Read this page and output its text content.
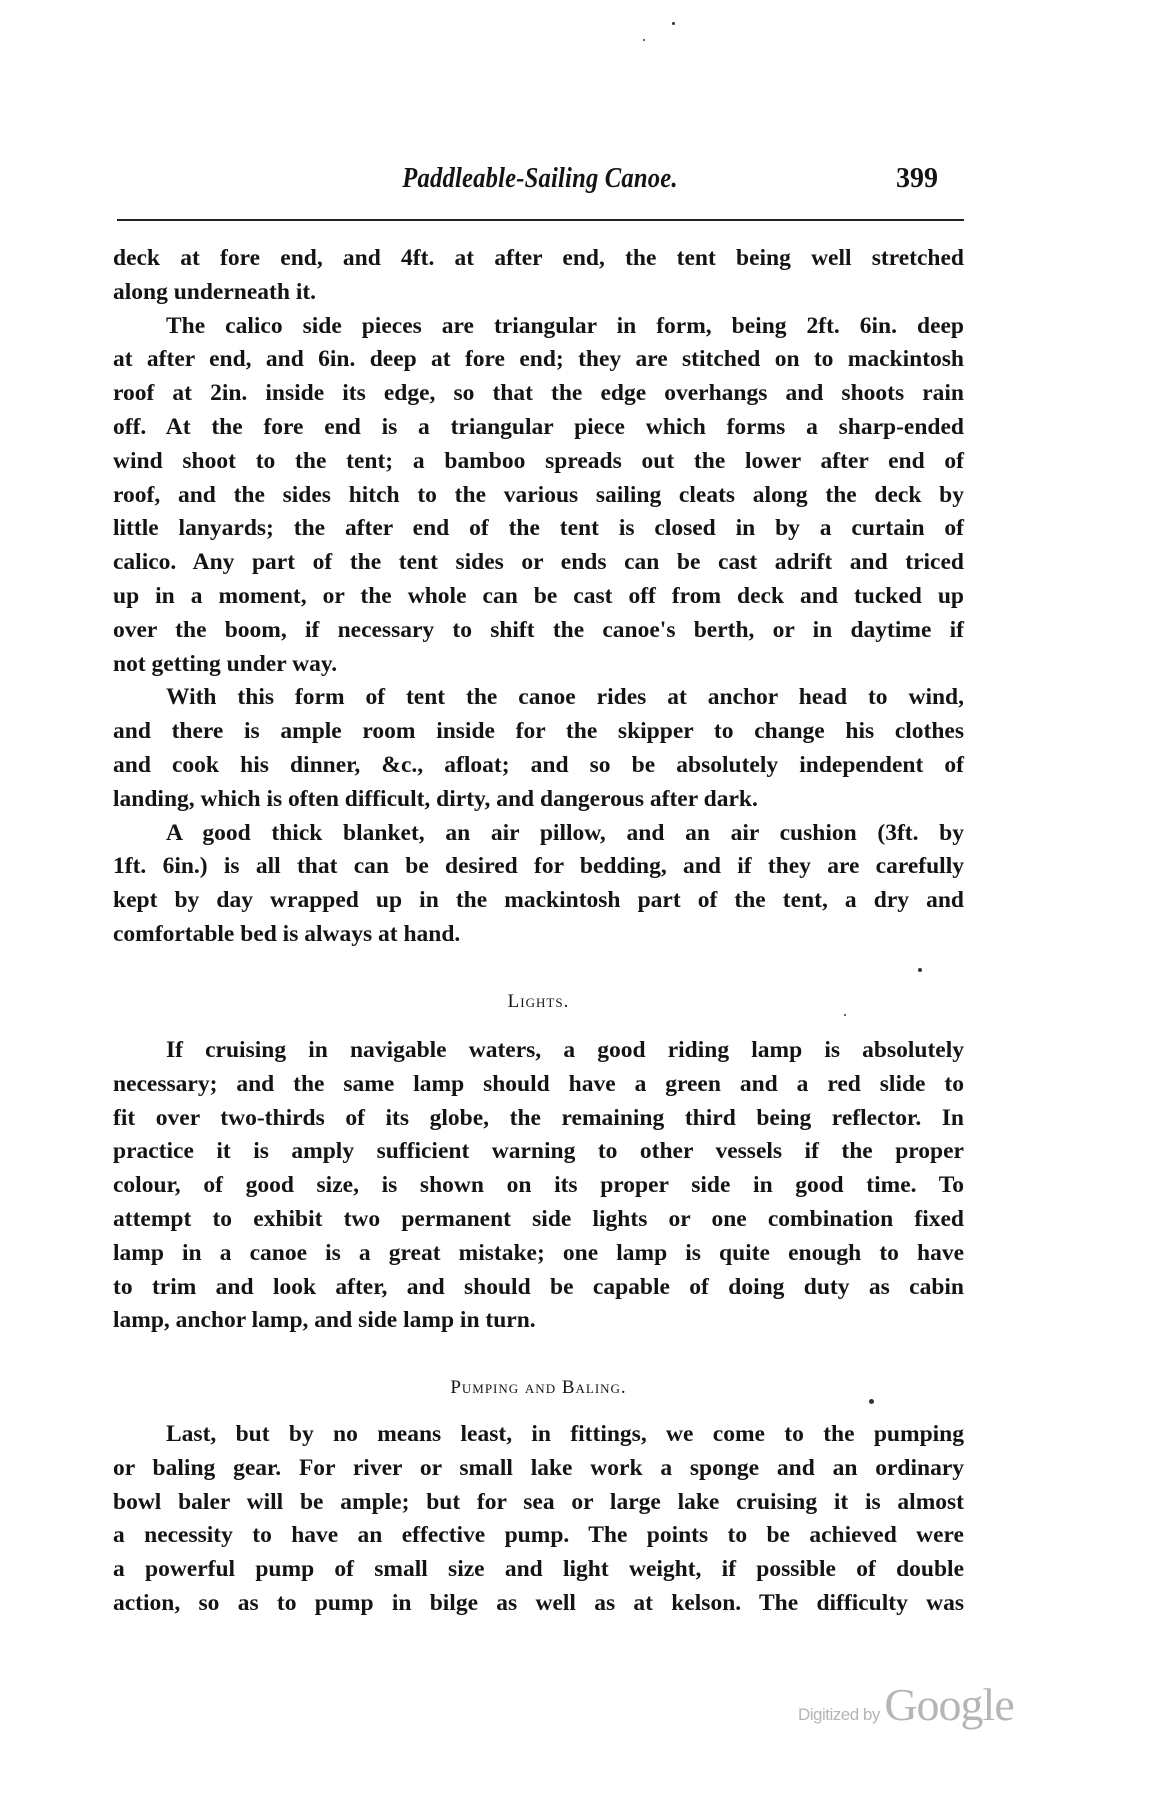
Paddleable-Sailing Canoe.	399
deck at fore end, and 4ft. at after end, the tent being well stretched
along underneath it.
The calico side pieces are triangular in form, being 2ft. 6in. deep
at after end, and 6in. deep at fore end; they are stitched on to mackintosh
roof at 2in. inside its edge, so that the edge overhangs and shoots rain
off. At the fore end is a triangular piece which forms a sharp-ended
wind shoot to the tent; a bamboo spreads out the lower after end of
roof, and the sides hitch to the various sailing cleats along the deck by
little lanyards; the after end of the tent is closed in by a curtain of
calico. Any part of the tent sides or ends can be cast adrift and triced
up in a moment, or the whole can be cast off from deck and tucked up
over the boom, if necessary to shift the canoe's berth, or in daytime if
not getting under way.
With this form of tent the canoe rides at anchor head to wind,
and there is ample room inside for the skipper to change his clothes
and cook his dinner, &c., afloat; and so be absolutely independent of
landing, which is often difficult, dirty, and dangerous after dark.
A good thick blanket, an air pillow, and an air cushion (3ft. by
1ft. 6in.) is all that can be desired for bedding, and if they are carefully
kept by day wrapped up in the mackintosh part of the tent, a dry and
comfortable bed is always at hand.
Lights.
If cruising in navigable waters, a good riding lamp is absolutely
necessary; and the same lamp should have a green and a red slide to
fit over two-thirds of its globe, the remaining third being reflector. In
practice it is amply sufficient warning to other vessels if the proper
colour, of good size, is shown on its proper side in good time. To
attempt to exhibit two permanent side lights or one combination fixed
lamp in a canoe is a great mistake; one lamp is quite enough to have
to trim and look after, and should be capable of doing duty as cabin
lamp, anchor lamp, and side lamp in turn.
Pumping and Baling.
Last, but by no means least, in fittings, we come to the pumping
or baling gear. For river or small lake work a sponge and an ordinary
bowl baler will be ample; but for sea or large lake cruising it is almost
a necessity to have an effective pump. The points to be achieved were
a powerful pump of small size and light weight, if possible of double
action, so as to pump in bilge as well as at kelson. The difficulty was
Digitized by Google
